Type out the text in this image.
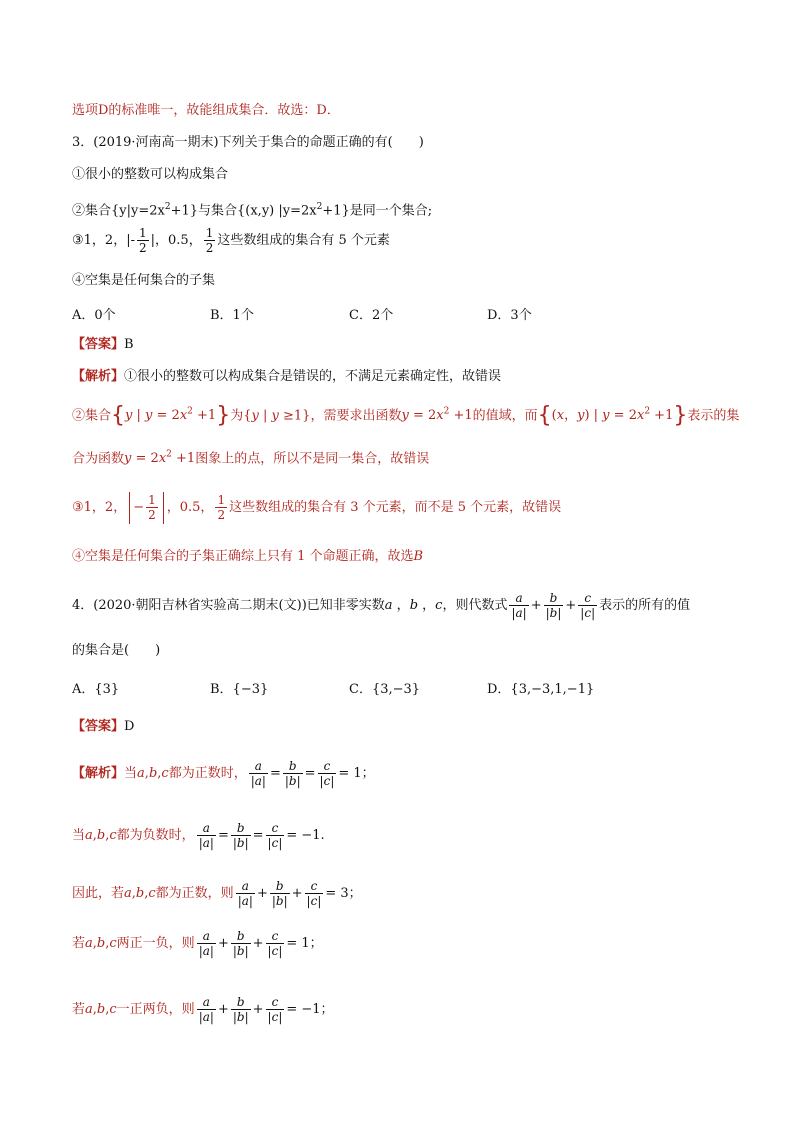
选项D的标准唯一，故能组成集合．故选：D．
3．(2019·河南高一期末)下列关于集合的命题正确的有(　　)
①很小的整数可以构成集合
②集合$\{y|y=2x^2+1\}$与集合{(x,y) $|y=2x^2+1$}是同一个集合;
③1，2，|- $\frac{1}{2}$ |，0.5， $\frac{1}{2}$ 这些数组成的集合有 5 个元素
④空集是任何集合的子集
A．0个	B．1个	C．2个	D．3个
【答案】B
【解析】①很小的整数可以构成集合是错误的，不满足元素确定性，故错误
②集合{y | $y = 2x^2 +1$}为{y | y ≥1}，需要求出函数$y = 2x^2 +1$的值域，而{(x，y) | $y = 2x^2 +1$}表示的集
合为函数$y = 2x^2 +1$图象上的点，所以不是同一集合，故错误
③1，2， − $\frac{1}{2}$ ，0.5， $\frac{1}{2}$ 这些数组成的集合有 3 个元素，而不是 5 个元素，故错误
④空集是任何集合的子集正确综上只有 1 个命题正确，故选B
4．(2020·朝阳吉林省实验高二期末(文))已知非零实数a ，b ，c，则代数式 $\frac{a}{|a|} + \frac{b}{|b|} + \frac{c}{|c|}$ 表示的所有的值
的集合是(　　)
A．{3}	B．{−3}	C．{3,−3}	D．{3,−3,1,−1}
【答案】D
【解析】当a,b,c都为正数时， $\frac{a}{|a|} = \frac{b}{|b|} = \frac{c}{|c|} = 1$；
当a,b,c都为负数时， $\frac{a}{|a|} = \frac{b}{|b|} = \frac{c}{|c|} = -1$.
因此，若a,b,c都为正数，则 $\frac{a}{|a|} + \frac{b}{|b|} + \frac{c}{|c|} = 3$；
若a,b,c两正一负，则 $\frac{a}{|a|} + \frac{b}{|b|} + \frac{c}{|c|} = 1$；
若a,b,c一正两负，则 $\frac{a}{|a|} + \frac{b}{|b|} + \frac{c}{|c|} = -1$；
